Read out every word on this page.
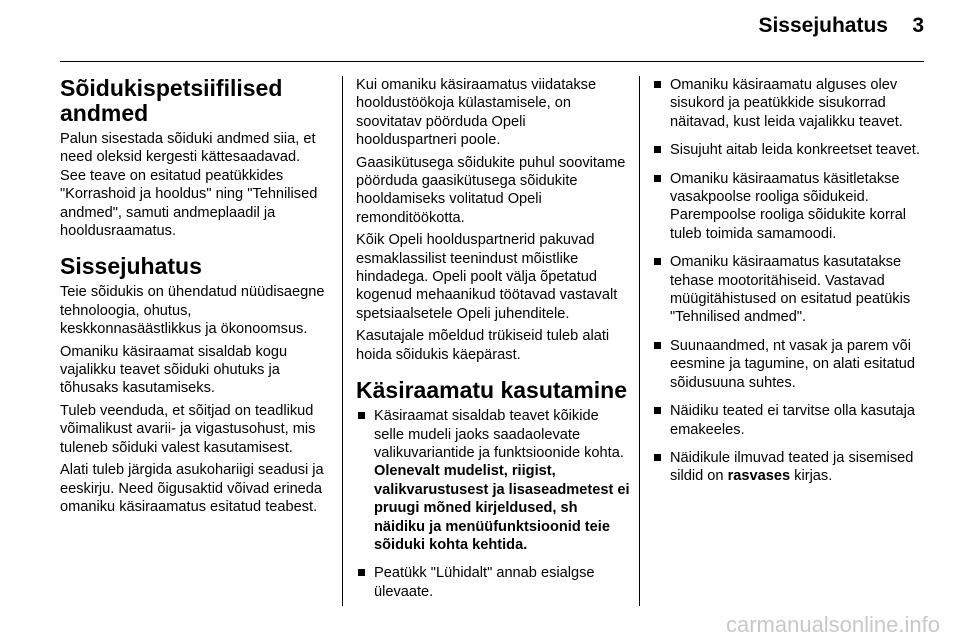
Sissejuhatus 3
Sõidukispetsiifilised andmed

Palun sisestada sõiduki andmed siia, et need oleksid kergesti kättesaadavad. See teave on esitatud peatükkides "Korrashoid ja hooldus" ning "Tehnilised andmed", samuti andmeplaadil ja hooldusraamatus.

Sissejuhatus

Teie sõidukis on ühendatud nüüdisaegne tehnoloogia, ohutus, keskkonnasäästlikkus ja ökonoomsus.

Omaniku käsiraamat sisaldab kogu vajalikku teavet sõiduki ohutuks ja tõhusaks kasutamiseks.

Tuleb veenduda, et sõitjad on teadlikud võimalikust avarii- ja vigastusohust, mis tuleneb sõiduki valest kasutamisest.

Alati tuleb järgida asukohariigi seadusi ja eeskirju. Need õigusaktid võivad erineda omaniku käsiraamatus esitatud teabest.

Kui omaniku käsiraamatus viidatakse hooldustöökoja külastamisele, on soovitatav pöörduda Opeli hoolduspartneri poole.

Gaasikütusega sõidukite puhul soovitame pöörduda gaasikütusega sõidukite hooldamiseks volitatud Opeli remonditöökotta.

Kõik Opeli hoolduspartnerid pakuvad esmaklassilist teenindust mõistlike hindadega. Opeli poolt välja õpetatud kogenud mehaanikud töötavad vastavalt spetsiaalsetele Opeli juhenditele.

Kasutajale mõeldud trükiseid tuleb alati hoida sõidukis käepärast.

Käsiraamatu kasutamine
Käsiraamat sisaldab teavet kõikide selle mudeli jaoks saadaolevate valikuvariantide ja funktsioonide kohta. Olenevalt mudelist, riigist, valikvarustusest ja lisaseadmetest ei pruugi mõned kirjeldused, sh näidiku ja menüüfunktsioonid teie sõiduki kohta kehtida.
Peatükk "Lühidalt" annab esialgse ülevaate.
Omaniku käsiraamatu alguses olev sisukord ja peatükkide sisukorrad näitavad, kust leida vajalikku teavet.
Sisujuht aitab leida konkreetset teavet.
Omaniku käsiraamatus käsitletakse vasakpoolse rooliga sõidukeid. Parempoolse rooliga sõidukite korral tuleb toimida samamoodi.
Omaniku käsiraamatus kasutatakse tehase mootoritähiseid. Vastavad müügitähistused on esitatud peatükis "Tehnilised andmed".
Suunaandmed, nt vasak ja parem või eesmine ja tagumine, on alati esitatud sõidusuuna suhtes.
Näidiku teated ei tarvitse olla kasutaja emakeeles.
Näidikule ilmuvad teated ja sisemised sildid on rasvases kirjas.
carmanualsonline.info
